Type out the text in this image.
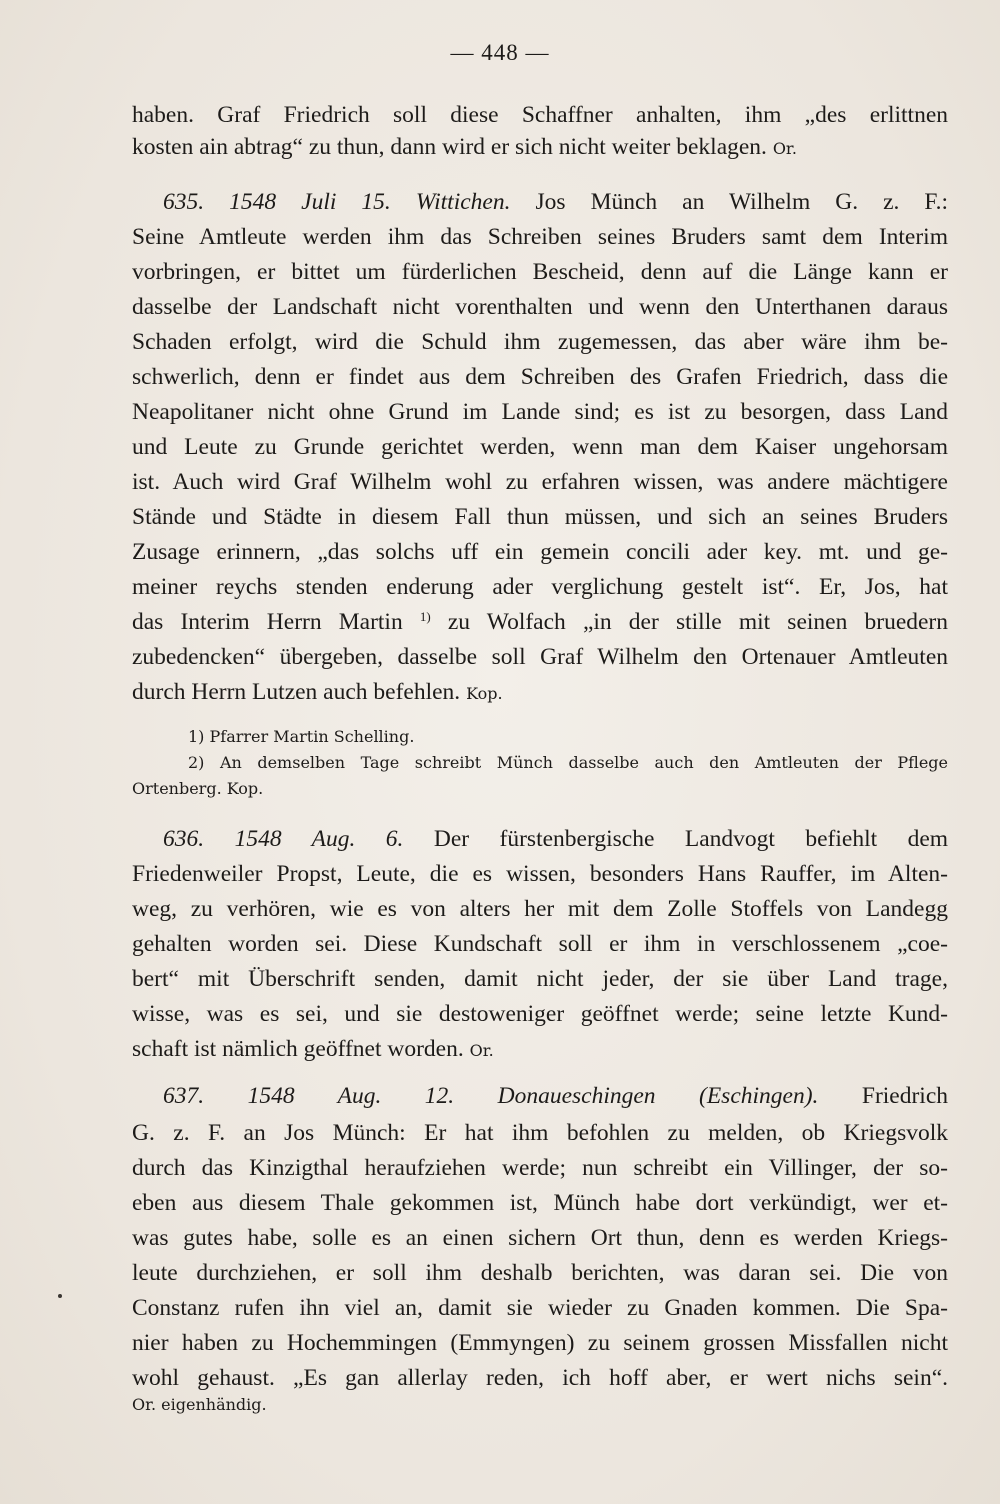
— 448 —
haben. Graf Friedrich soll diese Schaffner anhalten, ihm „des erlittnen
kosten ain abtrag“ zu thun, dann wird er sich nicht weiter beklagen. Or.
635. 1548 Juli 15. Wittichen. Jos Münch an Wilhelm G. z. F.:
Seine Amtleute werden ihm das Schreiben seines Bruders samt dem Interim
vorbringen, er bittet um fürderlichen Bescheid, denn auf die Länge kann er
dasselbe der Landschaft nicht vorenthalten und wenn den Unterthanen daraus
Schaden erfolgt, wird die Schuld ihm zugemessen, das aber wäre ihm be-
schwerlich, denn er findet aus dem Schreiben des Grafen Friedrich, dass die
Neapolitaner nicht ohne Grund im Lande sind; es ist zu besorgen, dass Land
und Leute zu Grunde gerichtet werden, wenn man dem Kaiser ungehorsam
ist. Auch wird Graf Wilhelm wohl zu erfahren wissen, was andere mächtigere
Stände und Städte in diesem Fall thun müssen, und sich an seines Bruders
Zusage erinnern, „das solchs uff ein gemein concili ader key. mt. und ge-
meiner reychs stenden enderung ader verglichung gestelt ist“. Er, Jos, hat
das Interim Herrn Martin $^{1)}$ zu Wolfach „in der stille mit seinen bruedern
zubedencken“ übergeben, dasselbe soll Graf Wilhelm den Ortenauer Amtleuten
durch Herrn Lutzen auch befehlen. Kop.
1) Pfarrer Martin Schelling.
2) An demselben Tage schreibt Münch dasselbe auch den Amtleuten der Pflege
Ortenberg. Kop.
636. 1548 Aug. 6. Der fürstenbergische Landvogt befiehlt dem
Friedenweiler Propst, Leute, die es wissen, besonders Hans Rauffer, im Alten-
weg, zu verhören, wie es von alters her mit dem Zolle Stoffels von Landegg
gehalten worden sei. Diese Kundschaft soll er ihm in verschlossenem „coe-
bert“ mit Überschrift senden, damit nicht jeder, der sie über Land trage,
wisse, was es sei, und sie destoweniger geöffnet werde; seine letzte Kund-
schaft ist nämlich geöffnet worden. Or.
637. 1548 Aug. 12. Donaueschingen (Eschingen). Friedrich
G. z. F. an Jos Münch: Er hat ihm befohlen zu melden, ob Kriegsvolk
durch das Kinzigthal heraufziehen werde; nun schreibt ein Villinger, der so-
eben aus diesem Thale gekommen ist, Münch habe dort verkündigt, wer et-
was gutes habe, solle es an einen sichern Ort thun, denn es werden Kriegs-
leute durchziehen, er soll ihm deshalb berichten, was daran sei. Die von
Constanz rufen ihn viel an, damit sie wieder zu Gnaden kommen. Die Spa-
nier haben zu Hochemmingen (Emmyngen) zu seinem grossen Missfallen nicht
wohl gehaust. „Es gan allerlay reden, ich hoff aber, er wert nichs sein“.
Or. eigenhändig.
